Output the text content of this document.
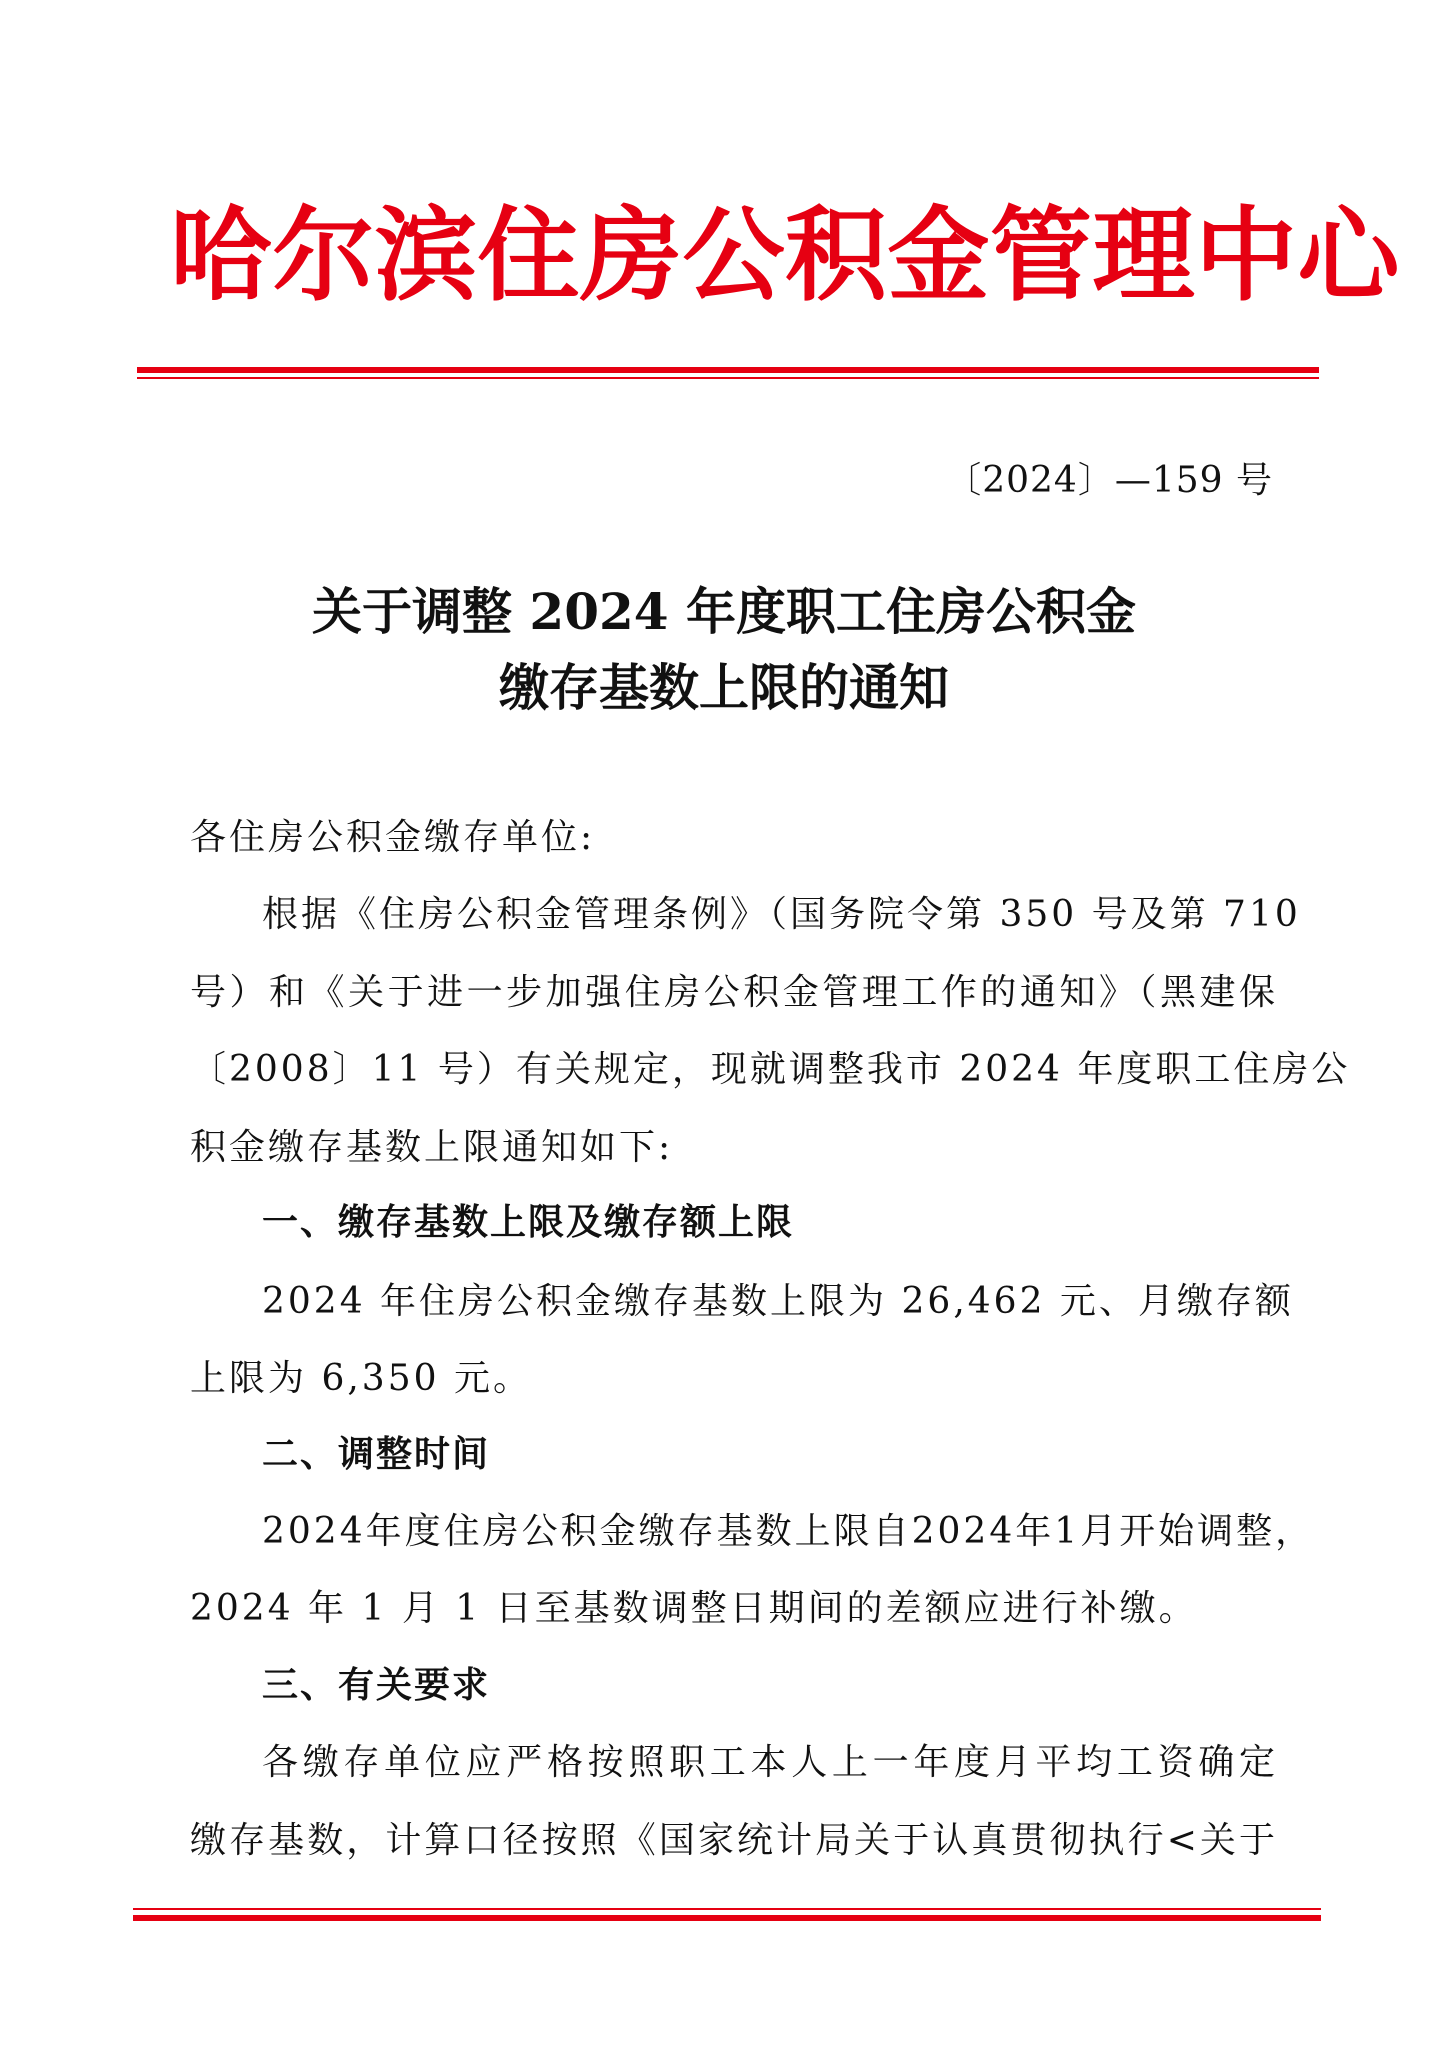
哈尔滨住房公积金管理中心
〔2024〕—159 号
关于调整 2024 年度职工住房公积金
缴存基数上限的通知
各住房公积金缴存单位:
根据《住房公积金管理条例》（国务院令第 350 号及第 710
号）和《关于进一步加强住房公积金管理工作的通知》（黑建保
〔2008〕11 号）有关规定，现就调整我市 2024 年度职工住房公
积金缴存基数上限通知如下:
一、缴存基数上限及缴存额上限
2024 年住房公积金缴存基数上限为 26,462 元、月缴存额
上限为 6,350 元。
二、调整时间
2024年度住房公积金缴存基数上限自2024年1月开始调整，
2024 年 1 月 1 日至基数调整日期间的差额应进行补缴。
三、有关要求
各缴存单位应严格按照职工本人上一年度月平均工资确定
缴存基数，计算口径按照《国家统计局关于认真贯彻执行<关于
